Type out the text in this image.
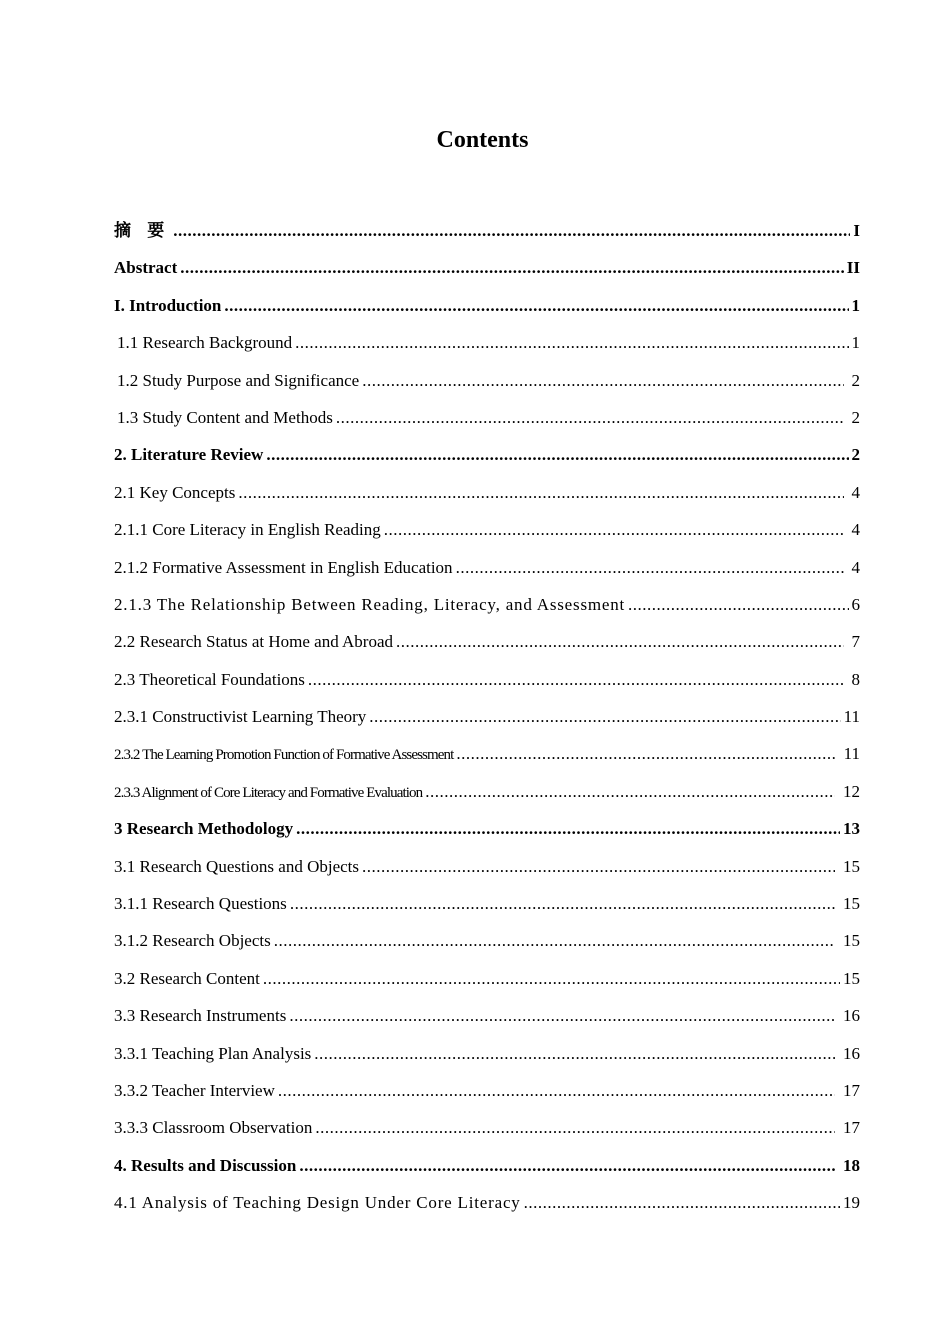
Contents
摘 要 .....	I
Abstract .....	II
I. Introduction .....	1
1.1 Research Background .....	1
1.2 Study Purpose and Significance .....	2
1.3 Study Content and Methods .....	2
2. Literature Review .....	2
2.1 Key Concepts .....	4
2.1.1 Core Literacy in English Reading .....	4
2.1.2 Formative Assessment in English Education .....	4
2.1.3 The Relationship Between Reading, Literacy, and Assessment .....	6
2.2 Research Status at Home and Abroad .....	7
2.3 Theoretical Foundations .....	8
2.3.1 Constructivist Learning Theory .....	11
2.3.2 The Learning Promotion Function of Formative Assessment .....	11
2.3.3 Alignment of Core Literacy and Formative Evaluation .....	12
3 Research Methodology .....	13
3.1 Research Questions and Objects .....	15
3.1.1 Research Questions .....	15
3.1.2 Research Objects .....	15
3.2 Research Content .....	15
3.3 Research Instruments .....	16
3.3.1 Teaching Plan Analysis .....	16
3.3.2 Teacher Interview .....	17
3.3.3 Classroom Observation .....	17
4. Results and Discussion .....	18
4.1 Analysis of Teaching Design Under Core Literacy .....	19
